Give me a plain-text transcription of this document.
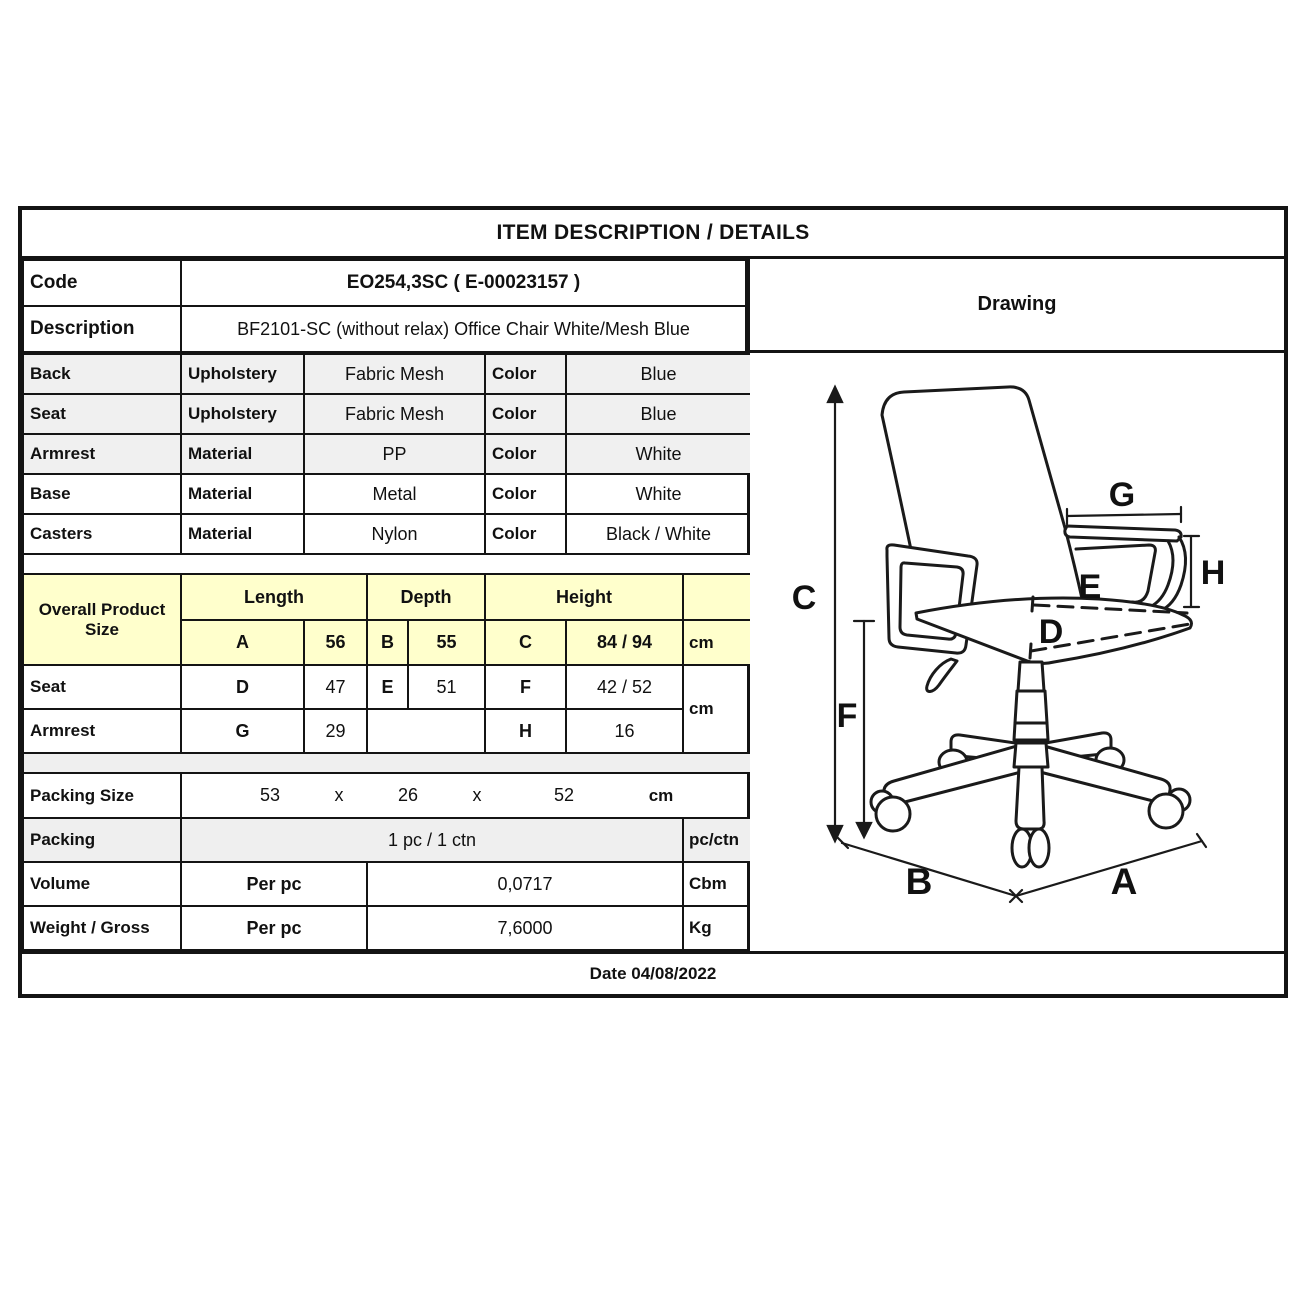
ITEM DESCRIPTION / DETAILS
Code	EO254,3SC ( E-00023157 )
Description	BF2101-SC (without relax) Office Chair White/Mesh Blue
Drawing
Back	Upholstery	Fabric Mesh			Color	Blue	
Seat	Upholstery	Fabric Mesh			Color	Blue	
Armrest	Material	PP			Color	White	
Base	Material	Metal			Color	White	
Casters	Material	Nylon			Color	Black / White	

Overall Product Size	Length		Depth		Height		
	A	56	B	55	C	84 / 94	cm
Seat	D	47	E	51	F	42 / 52	cm
Armrest	G	29			H	16	

Packing Size	53	x	26	x	52	cm

Packing	1 pc / 1 ctn						pc/ctn
Volume	Per pc		0,0717				Cbm
Weight / Gross	Per pc		7,6000				Kg
C
F
G
H
E
D
B	A
Date 04/08/2022
